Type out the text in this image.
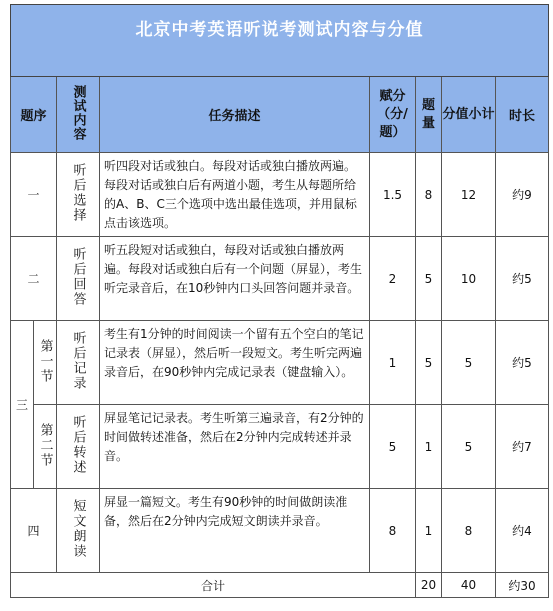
北京中考英语听说考测试内容与分值							
题序		测试内容	任务描述	赋分（分/题）	题量	分值小计	时长
一		听后选择	听四段对话或独白。每段对话或独白播放两遍。每段对话或独白后有两道小题，考生从每题所给的A、B、C三个选项中选出最佳选项，并用鼠标点击该选项。	1.5	8	12	约9
二		听后回答	听五段短对话或独白，每段对话或独白播放两遍。每段对话或独白后有一个问题（屏显），考生听完录音后，在10秒钟内口头回答问题并录音。	2	5	10	约5
三	第一节	听后记录	考生有1分钟的时间阅读一个留有五个空白的笔记记录表（屏显），然后听一段短文。考生听完两遍录音后，在90秒钟内完成记录表（键盘输入）。	1	5	5	约5
	第二节	听后转述	屏显笔记记录表。考生听第三遍录音，有2分钟的时间做转述准备，然后在2分钟内完成转述并录音。	5	1	5	约7
四		短文朗读	屏显一篇短文。考生有90秒钟的时间做朗读准备，然后在2分钟内完成短文朗读并录音。	8	1	8	约4
合计					20	40	约30
